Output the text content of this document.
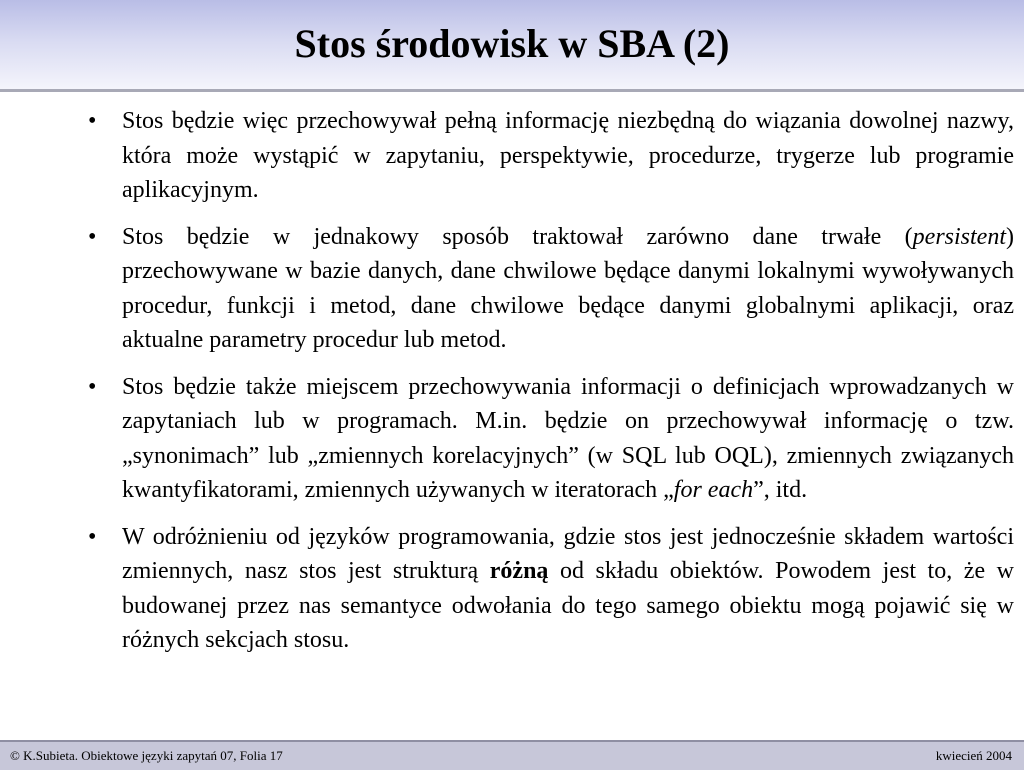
Stos środowisk w SBA (2)
• Stos będzie więc przechowywał pełną informację niezbędną do wiązania dowolnej nazwy, która może wystąpić w zapytaniu, perspektywie, procedurze, trygerze lub programie aplikacyjnym.
• Stos będzie w jednakowy sposób traktował zarówno dane trwałe (persistent) przechowywane w bazie danych, dane chwilowe będące danymi lokalnymi wywoływanych procedur, funkcji i metod, dane chwilowe będące danymi globalnymi aplikacji, oraz aktualne parametry procedur lub metod.
• Stos będzie także miejscem przechowywania informacji o definicjach wprowadzanych w zapytaniach lub w programach. M.in. będzie on przechowywał informację o tzw. „synonimach” lub „zmiennych korelacyjnych” (w SQL lub OQL), zmiennych związanych kwantyfikatorami, zmiennych używanych w iteratorach „for each”, itd.
• W odróżnieniu od języków programowania, gdzie stos jest jednocześnie składem wartości zmiennych, nasz stos jest strukturą różną od składu obiektów. Powodem jest to, że w budowanej przez nas semantyce odwołania do tego samego obiektu mogą pojawić się w różnych sekcjach stosu.
© K.Subieta. Obiektowe języki zapytań 07, Folia 17	kwiecień 2004
